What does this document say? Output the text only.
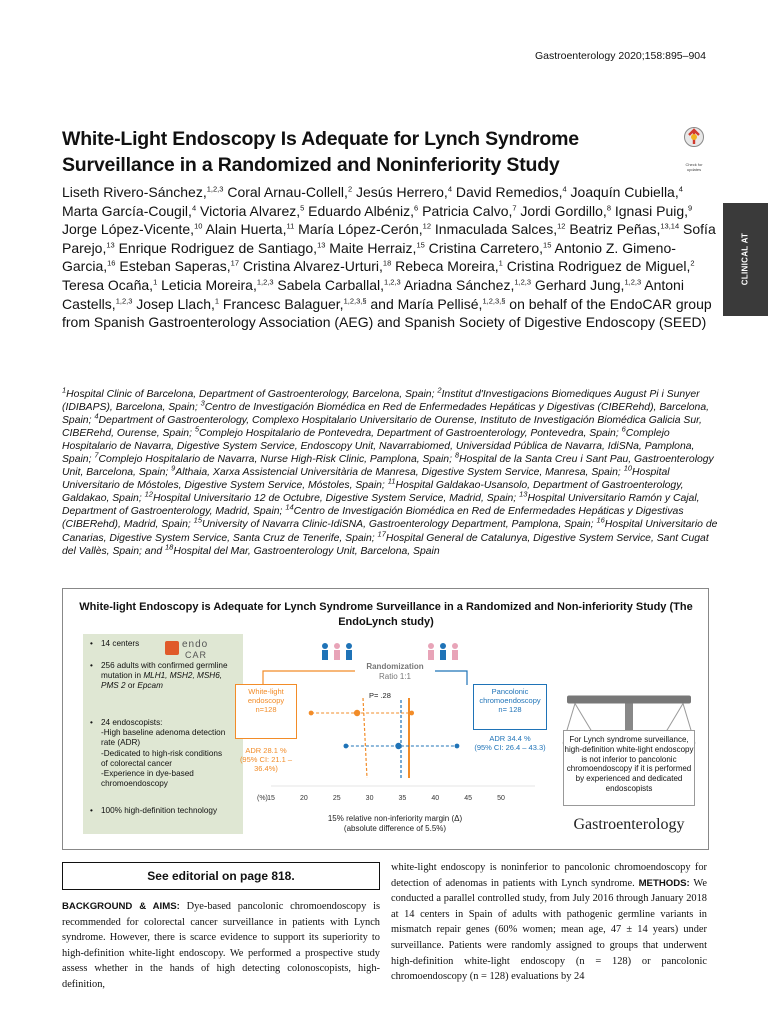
Gastroenterology 2020;158:895–904
Check for updates
CLINICAL AT
White-Light Endoscopy Is Adequate for Lynch Syndrome
Surveillance in a Randomized and Noninferiority Study
Liseth Rivero-Sánchez,$^{1,2,3}$ Coral Arnau-Collell,$^2$ Jesús Herrero,$^4$ David Remedios,$^4$ Joaquín Cubiella,$^4$ Marta García-Cougil,$^4$ Victoria Alvarez,$^5$ Eduardo Albéniz,$^6$ Patricia Calvo,$^7$ Jordi Gordillo,$^8$ Ignasi Puig,$^9$ Jorge López-Vicente,$^{10}$ Alain Huerta,$^{11}$ María López-Cerón,$^{12}$ Inmaculada Salces,$^{12}$ Beatriz Peñas,$^{13,14}$ Sofía Parejo,$^{13}$ Enrique Rodriguez de Santiago,$^{13}$ Maite Herraiz,$^{15}$ Cristina Carretero,$^{15}$ Antonio Z. Gimeno-Garcia,$^{16}$ Esteban Saperas,$^{17}$ Cristina Alvarez-Urturi,$^{18}$ Rebeca Moreira,$^1$ Cristina Rodriguez de Miguel,$^2$ Teresa Ocaña,$^1$ Leticia Moreira,$^{1,2,3}$ Sabela Carballal,$^{1,2,3}$ Ariadna Sánchez,$^{1,2,3}$ Gerhard Jung,$^{1,2,3}$ Antoni Castells,$^{1,2,3}$ Josep Llach,$^1$ Francesc Balaguer,$^{1,2,3,\S}$ and María Pellisé,$^{1,2,3,\S}$ on behalf of the EndoCAR group from Spanish Gastroenterology Association (AEG) and Spanish Society of Digestive Endoscopy (SEED)
$^1$Hospital Clinic of Barcelona, Department of Gastroenterology, Barcelona, Spain; $^2$Institut d'Investigacions Biomediques August Pi i Sunyer (IDIBAPS), Barcelona, Spain; $^3$Centro de Investigación Biomédica en Red de Enfermedades Hepáticas y Digestivas (CIBERehd), Barcelona, Spain; $^4$Department of Gastroenterology, Complexo Hospitalario Universitario de Ourense, Instituto de Investigación Biomédica Galicia Sur, CIBERehd, Ourense, Spain; $^5$Complejo Hospitalario de Pontevedra, Department of Gastroenterology, Pontevedra, Spain; $^6$Complejo Hospitalario de Navarra, Digestive System Service, Endoscopy Unit, Navarrabiomed, Universidad Pública de Navarra, IdiSNa, Pamplona, Spain; $^7$Complejo Hospitalario de Navarra, Nurse High-Risk Clinic, Pamplona, Spain; $^8$Hospital de la Santa Creu i Sant Pau, Gastroenterology Unit, Barcelona, Spain; $^9$Althaia, Xarxa Assistencial Universitària de Manresa, Digestive System Service, Manresa, Spain; $^{10}$Hospital Universitario de Móstoles, Digestive System Service, Móstoles, Spain; $^{11}$Hospital Galdakao-Usansolo, Department of Gastroenterology, Galdakao, Spain; $^{12}$Hospital Universitario 12 de Octubre, Digestive System Service, Madrid, Spain; $^{13}$Hospital Universitario Ramón y Cajal, Department of Gastroenterology, Madrid, Spain; $^{14}$Centro de Investigación Biomédica en Red de Enfermedades Hepáticas y Digestivas (CIBERehd), Madrid, Spain; $^{15}$University of Navarra Clinic-IdiSNA, Gastroenterology Department, Pamplona, Spain; $^{16}$Hospital Universitario de Canarias, Digestive System Service, Santa Cruz de Tenerife, Spain; $^{17}$Hospital General de Catalunya, Digestive System Service, Sant Cugat del Vallès, Spain; and $^{18}$Hospital del Mar, Gastroenterology Unit, Barcelona, Spain
White-light Endoscopy is Adequate for Lynch Syndrome Surveillance in a Randomized and Non-inferiority Study (The EndoLynch study)
• 14 centers
• 256 adults with confirmed germline mutation in MLH1, MSH2, MSH6, PMS 2 or Epcam
• 24 endoscopists:
-High baseline adenoma detection rate (ADR)
-Dedicated to high-risk conditions of colorectal cancer
-Experience in dye-based chromoendoscopy
• 100% high-definition technology
endo
CAR
Randomization
Ratio 1:1
P= .28
15	20	25	30	35	40	45	50
(%)
15% relative non-inferiority margin (Δ)
(absolute difference of 5.5%)
White-light endoscopy
n=128
ADR 28.1 %
(95% CI: 21.1 – 36.4%)
Pancolonic chromoendoscopy
n= 128
ADR 34.4 %
(95% CI: 26.4 – 43.3)
For Lynch syndrome surveillance, high-definition white-light endoscopy is not inferior to pancolonic chromoendoscopy if it is performed by experienced and dedicated endoscopists
Gastroenterology
See editorial on page 818.
BACKGROUND & AIMS: Dye-based pancolonic chromoendoscopy is recommended for colorectal cancer surveillance in patients with Lynch syndrome. However, there is scarce evidence to support its superiority to high-definition white-light endoscopy. We performed a prospective study assess whether in the hands of high detecting colonoscopists, high-definition,
white-light endoscopy is noninferior to pancolonic chromoendoscopy for detection of adenomas in patients with Lynch syndrome. METHODS: We conducted a parallel controlled study, from July 2016 through January 2018 at 14 centers in Spain of adults with pathogenic germline variants in mismatch repair genes (60% women; mean age, 47 ± 14 years) under surveillance. Patients were randomly assigned to groups that underwent high-definition white-light endoscopy (n = 128) or pancolonic chromoendoscopy (n = 128) evaluations by 24
